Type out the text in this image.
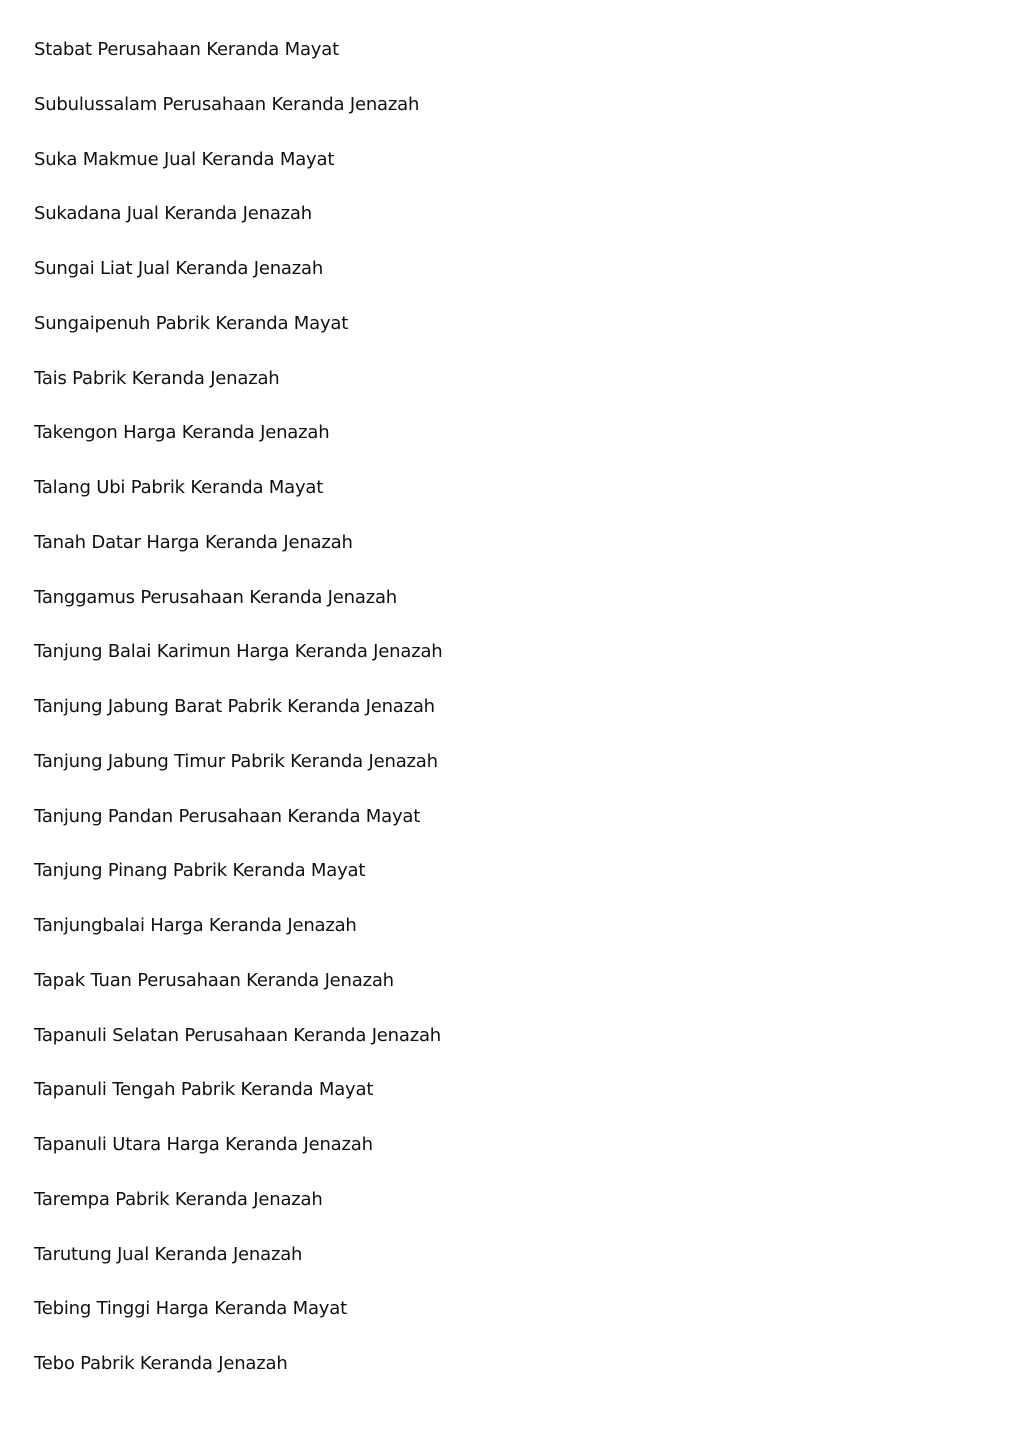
Stabat Perusahaan Keranda Mayat
Subulussalam Perusahaan Keranda Jenazah
Suka Makmue Jual Keranda Mayat
Sukadana Jual Keranda Jenazah
Sungai Liat Jual Keranda Jenazah
Sungaipenuh Pabrik Keranda Mayat
Tais Pabrik Keranda Jenazah
Takengon Harga Keranda Jenazah
Talang Ubi Pabrik Keranda Mayat
Tanah Datar Harga Keranda Jenazah
Tanggamus Perusahaan Keranda Jenazah
Tanjung Balai Karimun Harga Keranda Jenazah
Tanjung Jabung Barat Pabrik Keranda Jenazah
Tanjung Jabung Timur Pabrik Keranda Jenazah
Tanjung Pandan Perusahaan Keranda Mayat
Tanjung Pinang Pabrik Keranda Mayat
Tanjungbalai Harga Keranda Jenazah
Tapak Tuan Perusahaan Keranda Jenazah
Tapanuli Selatan Perusahaan Keranda Jenazah
Tapanuli Tengah Pabrik Keranda Mayat
Tapanuli Utara Harga Keranda Jenazah
Tarempa Pabrik Keranda Jenazah
Tarutung Jual Keranda Jenazah
Tebing Tinggi Harga Keranda Mayat
Tebo Pabrik Keranda Jenazah
